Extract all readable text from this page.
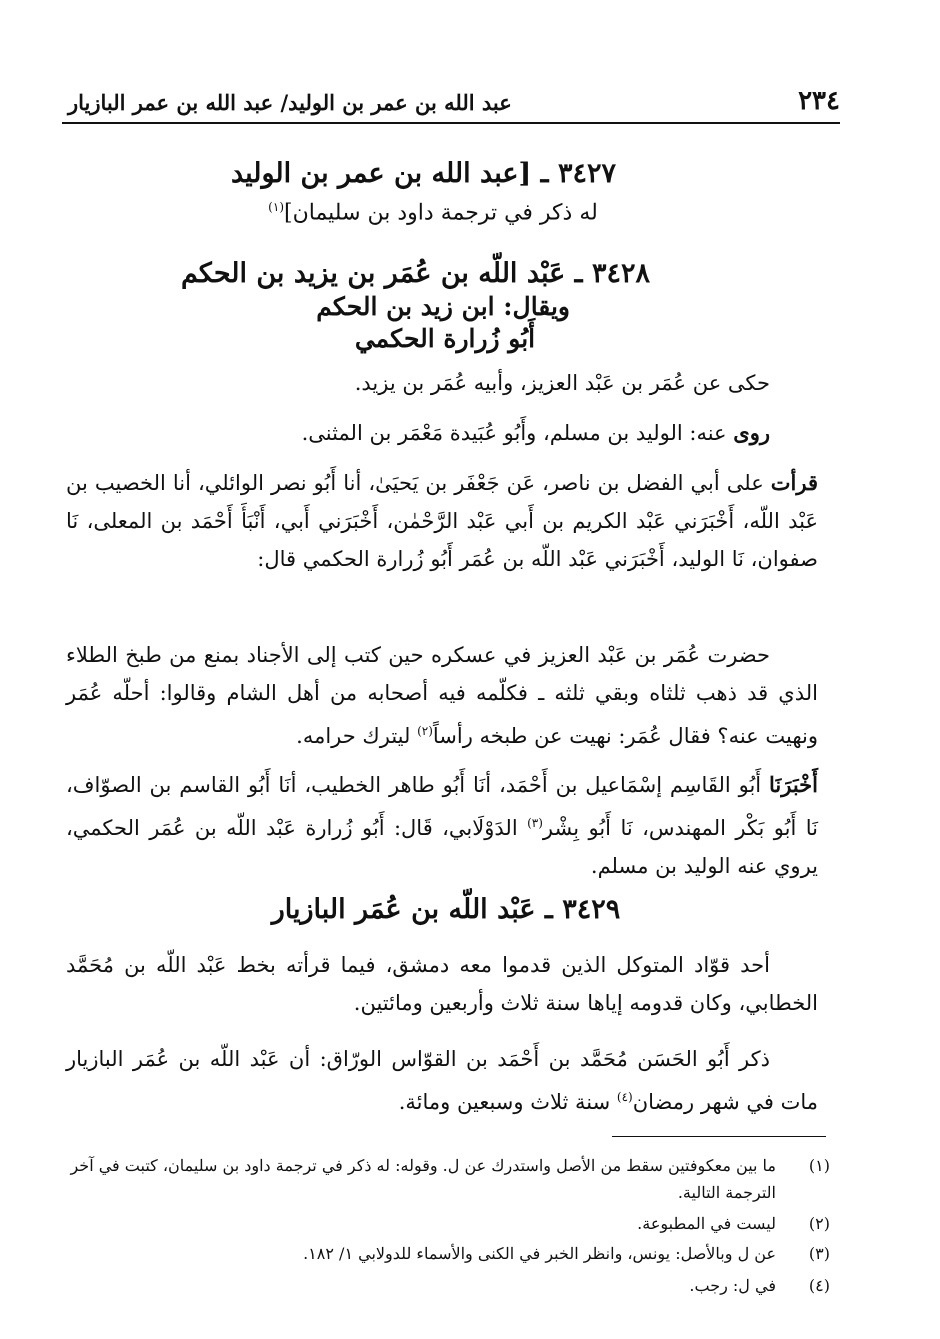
٢٣٤
عبد الله بن عمر بن الوليد/ عبد الله بن عمر البازيار
٣٤٢٧ ـ [عبد الله بن عمر بن الوليد
له ذكر في ترجمة داود بن سليمان]$^{(١)}$
٣٤٢٨ ـ عَبْد اللّه بن عُمَر بن يزيد بن الحكم
ويقال: ابن زيد بن الحكم
أَبُو زُرارة الحكمي
حكى عن عُمَر بن عَبْد العزيز، وأبيه عُمَر بن يزيد.
روى عنه: الوليد بن مسلم، وأَبُو عُبَيدة مَعْمَر بن المثنى.
قرأت على أبي الفضل بن ناصر، عَن جَعْفَر بن يَحيَىٰ، أنا أَبُو نصر الوائلي، أنا الخصيب بن عَبْد اللّه، أَخْبَرَني عَبْد الكريم بن أَبي عَبْد الرَّحْمٰن، أَخْبَرَني أَبي، أَنْبَأَ أَحْمَد بن المعلى، نَا صفوان، نَا الوليد، أَخْبَرَني عَبْد اللّه بن عُمَر أَبُو زُرارة الحكمي قال:
حضرت عُمَر بن عَبْد العزيز في عسكره حين كتب إلى الأجناد بمنع من طبخ الطلاء الذي قد ذهب ثلثاه وبقي ثلثه ـ فكلّمه فيه أصحابه من أهل الشام وقالوا: أحلّه عُمَر ونهيت عنه؟ فقال عُمَر: نهيت عن طبخه رأساً$^{(٢)}$ ليترك حرامه.
أَخْبَرَنَا أَبُو القَاسِم إسْمَاعيل بن أَحْمَد، أنَا أَبُو طاهر الخطيب، أنَا أَبُو القاسم بن الصوّاف، نَا أَبُو بَكْر المهندس، نَا أَبُو بِشْر$^{(٣)}$ الدَوْلَابي، قَال: أَبُو زُرارة عَبْد اللّه بن عُمَر الحكمي، يروي عنه الوليد بن مسلم.
٣٤٢٩ ـ عَبْد اللّه بن عُمَر البازيار
أحد قوّاد المتوكل الذين قدموا معه دمشق، فيما قرأته بخط عَبْد اللّه بن مُحَمَّد الخطابي، وكان قدومه إياها سنة ثلاث وأربعين ومائتين.
ذكر أَبُو الحَسَن مُحَمَّد بن أَحْمَد بن القوّاس الورّاق: أن عَبْد اللّه بن عُمَر البازيار مات في شهر رمضان$^{(٤)}$ سنة ثلاث وسبعين ومائة.
(١)
ما بين معكوفتين سقط من الأصل واستدرك عن ل. وقوله: له ذكر في ترجمة داود بن سليمان، كتبت في آخر الترجمة التالية.
(٢)
ليست في المطبوعة.
(٣)
عن ل وبالأصل: يونس، وانظر الخبر في الكنى والأسماء للدولابي ١/ ١٨٢.
(٤)
في ل: رجب.
